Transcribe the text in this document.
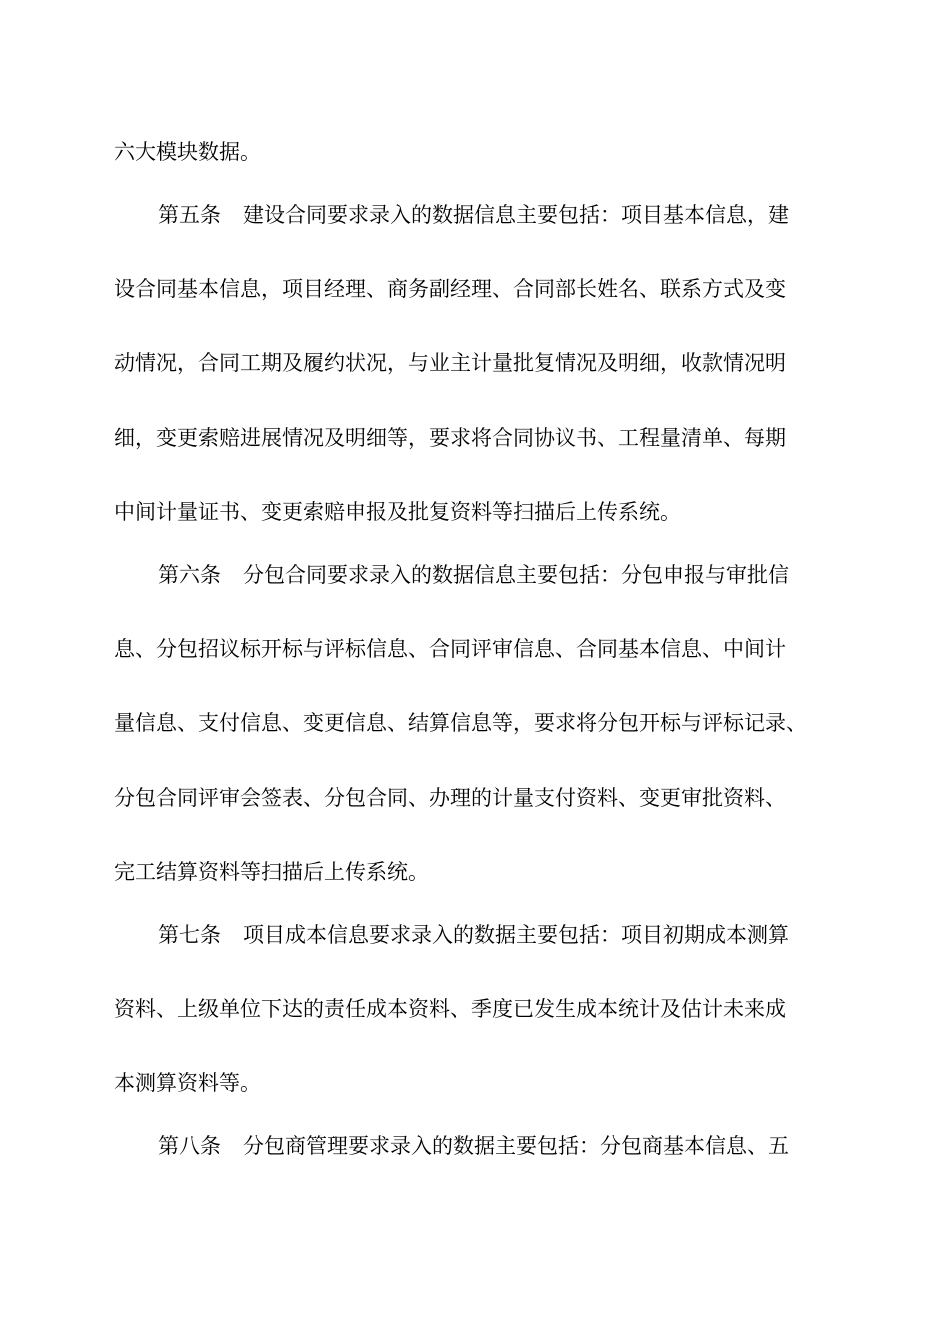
六大模块数据。
第五条 建设合同要求录入的数据信息主要包括：项目基本信息，建
设合同基本信息，项目经理、商务副经理、合同部长姓名、联系方式及变
动情况，合同工期及履约状况，与业主计量批复情况及明细，收款情况明
细，变更索赔进展情况及明细等，要求将合同协议书、工程量清单、每期
中间计量证书、变更索赔申报及批复资料等扫描后上传系统。
第六条 分包合同要求录入的数据信息主要包括：分包申报与审批信
息、分包招议标开标与评标信息、合同评审信息、合同基本信息、中间计
量信息、支付信息、变更信息、结算信息等，要求将分包开标与评标记录、
分包合同评审会签表、分包合同、办理的计量支付资料、变更审批资料、
完工结算资料等扫描后上传系统。
第七条 项目成本信息要求录入的数据主要包括：项目初期成本测算
资料、上级单位下达的责任成本资料、季度已发生成本统计及估计未来成
本测算资料等。
第八条 分包商管理要求录入的数据主要包括：分包商基本信息、五
